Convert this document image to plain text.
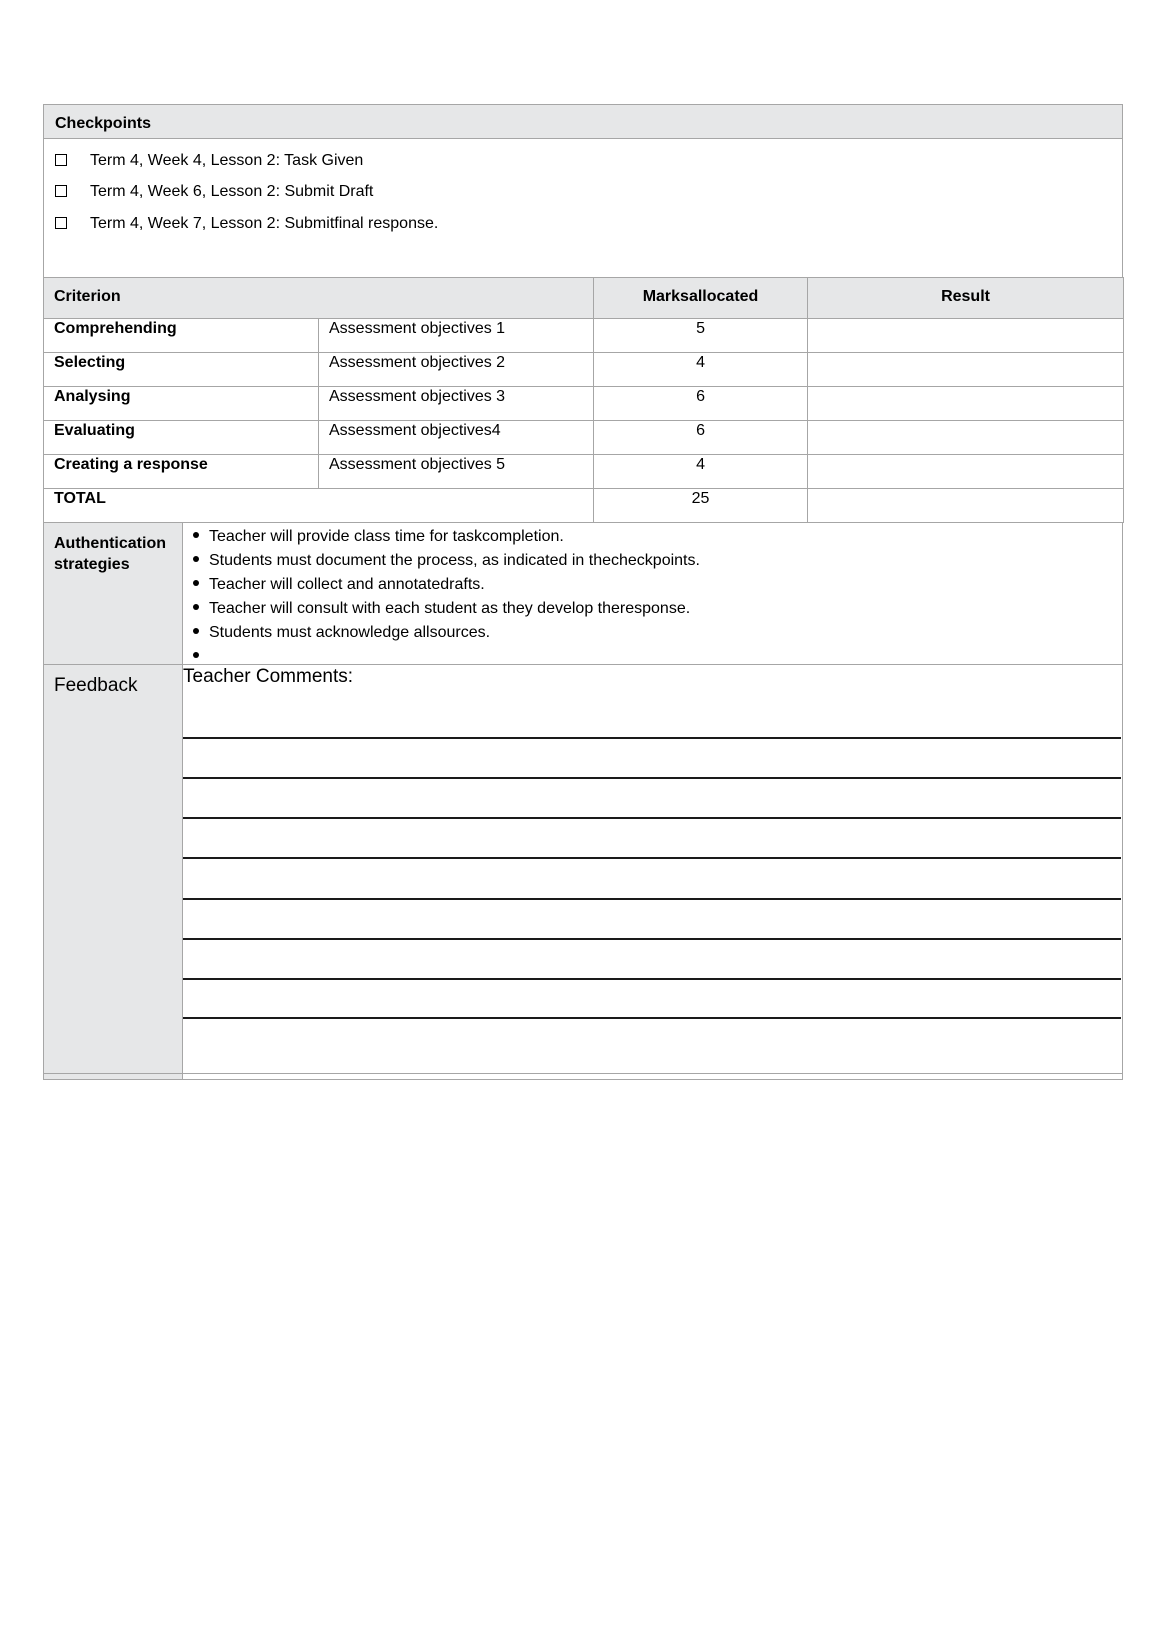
Checkpoints
Term 4, Week 4, Lesson 2: Task Given
Term 4, Week 6, Lesson 2: Submit Draft
Term 4, Week 7, Lesson 2: Submitfinal response.
Criterion		Marksallocated	Result
Comprehending	Assessment objectives 1	5	
Selecting	Assessment objectives 2	4	
Analysing	Assessment objectives 3	6	
Evaluating	Assessment objectives4	6	
Creating a response	Assessment objectives 5	4	
TOTAL		25	
Authentication
strategies
Teacher will provide class time for taskcompletion.
Students must document the process, as indicated in thecheckpoints.
Teacher will collect and annotatedrafts.
Teacher will consult with each student as they develop theresponse.
Students must acknowledge allsources.
Feedback	Teacher Comments:
